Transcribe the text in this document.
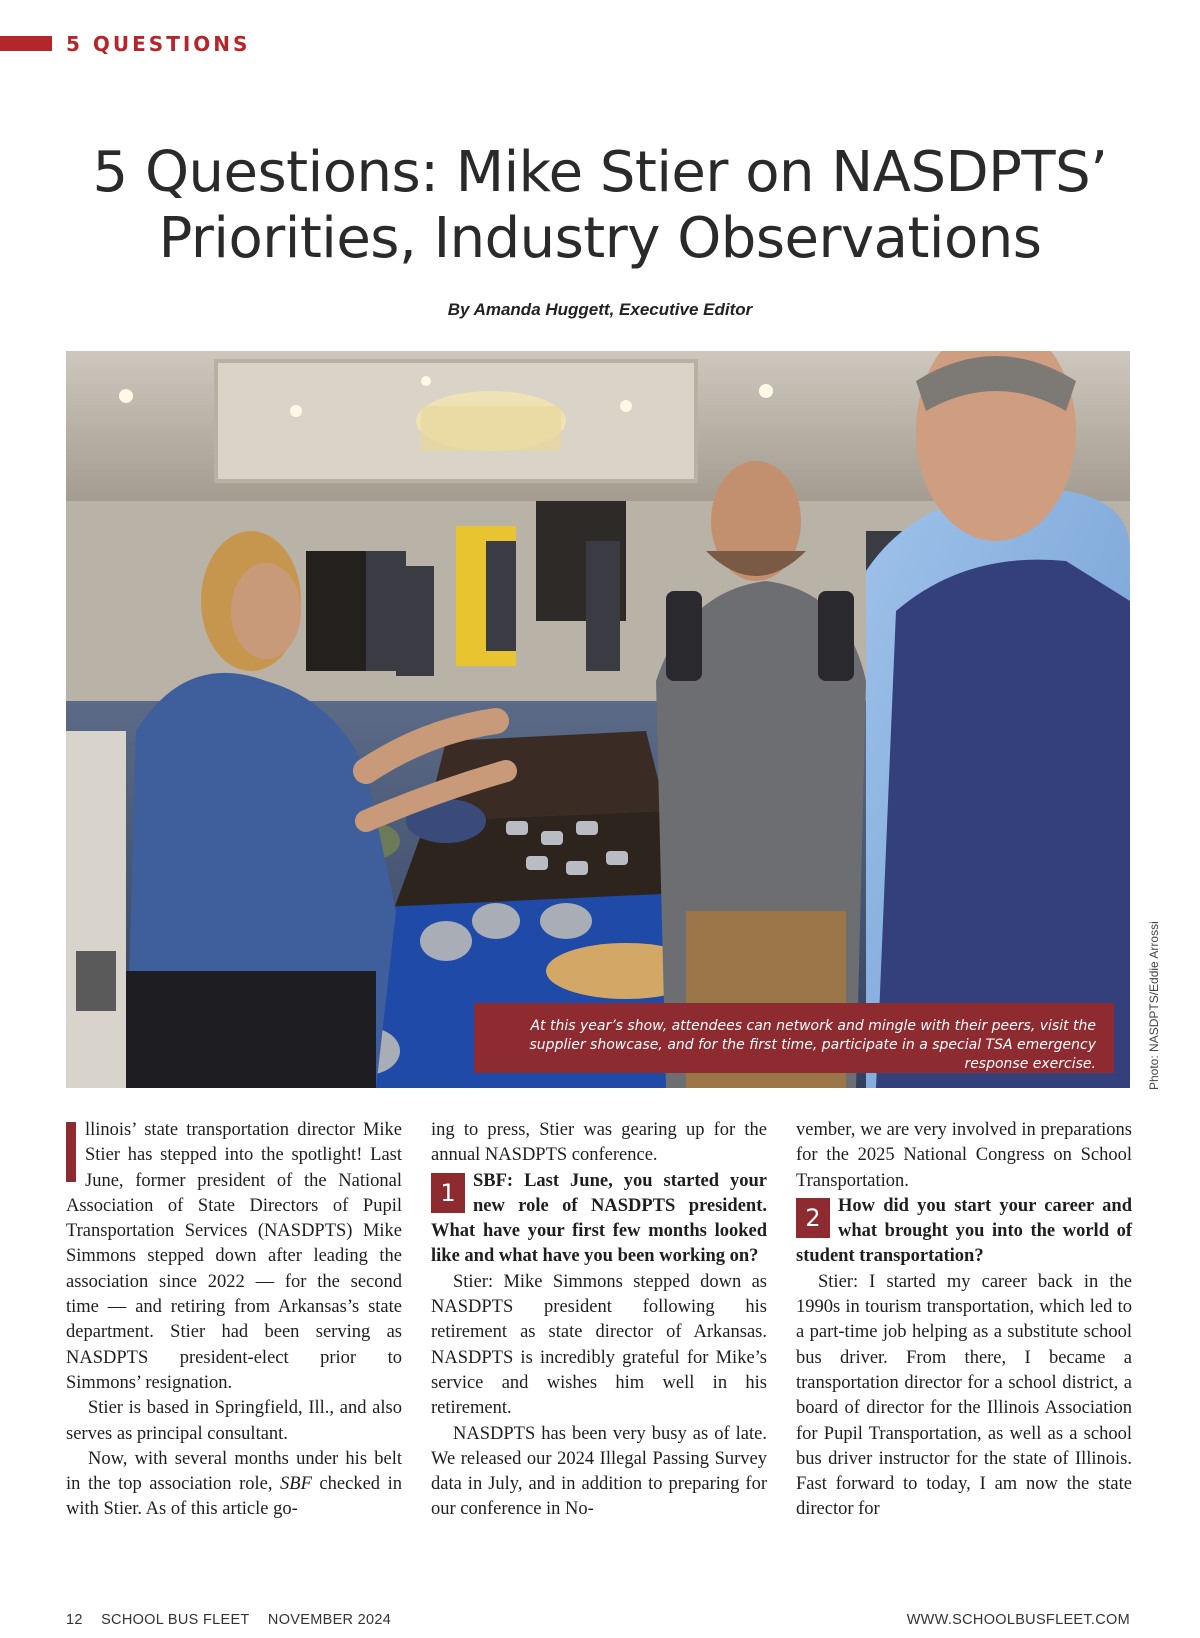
5 QUESTIONS
5 Questions: Mike Stier on NASDPTS’ Priorities, Industry Observations
By Amanda Huggett, Executive Editor
At this year’s show, attendees can network and mingle with their peers, visit the supplier showcase, and for the first time, participate in a special TSA emergency response exercise.	Photo: NASDPTS/Eddie Arrossi

llinois’ state transportation director Mike Stier has stepped into the spotlight! Last June, former president of the National Association of State Directors of Pupil Transportation Services (NASDPTS) Mike Simmons stepped down after leading the association since 2022 — for the second time — and retiring from Arkansas’s state department. Stier had been serving as NASDPTS president-elect prior to Simmons’ resignation.

Stier is based in Springfield, Ill., and also serves as principal consultant.

Now, with several months under his belt in the top association role, SBF checked in with Stier. As of this article go-

ing to press, Stier was gearing up for the annual NASDPTS conference.

1 SBF: Last June, you started your new role of NASDPTS president. What have your first few months looked like and what have you been working on?

Stier: Mike Simmons stepped down as NASDPTS president following his retirement as state director of Arkansas. NASDPTS is incredibly grateful for Mike’s service and wishes him well in his retirement.

NASDPTS has been very busy as of late. We released our 2024 Illegal Passing Survey data in July, and in addition to preparing for our conference in No-

vember, we are very involved in preparations for the 2025 National Congress on School Transportation.

2 How did you start your career and what brought you into the world of student transportation?

Stier: I started my career back in the 1990s in tourism transportation, which led to a part-time job helping as a substitute school bus driver. From there, I became a transportation director for a school district, a board of director for the Illinois Association for Pupil Transportation, as well as a school bus driver instructor for the state of Illinois. Fast forward to today, I am now the state director for

12 SCHOOL BUS FLEET NOVEMBER 2024	WWW.SCHOOLBUSFLEET.COM
